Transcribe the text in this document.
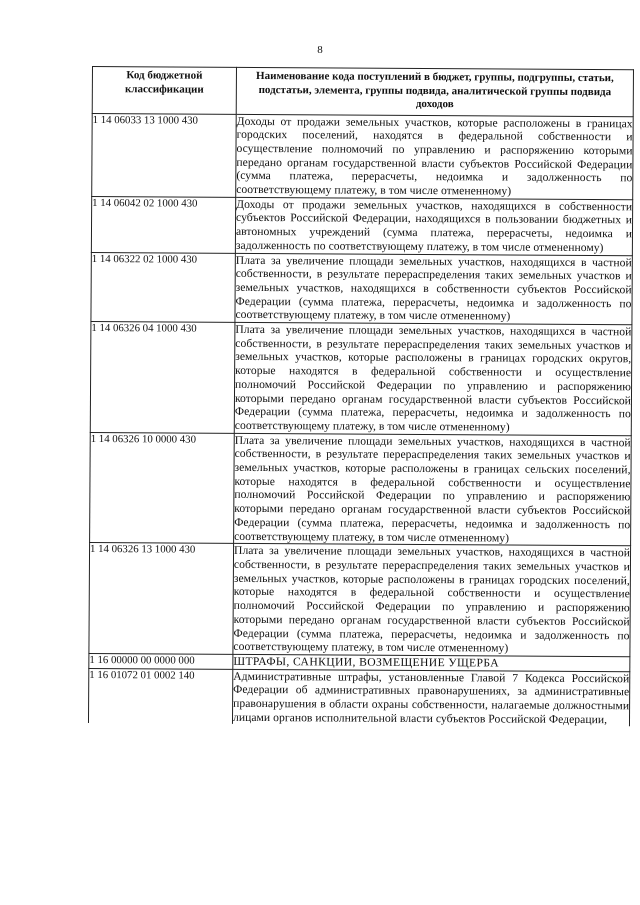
8
Код бюджетной классификации	Наименование кода поступлений в бюджет, группы, подгруппы, статьи, подстатьи, элемента, группы подвида, аналитической группы подвида доходов
1 14 06033 13 1000 430	Доходы от продажи земельных участков, которые расположены в границах городских поселений, находятся в федеральной собственности и осуществление полномочий по управлению и распоряжению которыми передано органам государственной власти субъектов Российской Федерации (сумма платежа, перерасчеты, недоимка и задолженность по соответствующему платежу, в том числе отмененному)
1 14 06042 02 1000 430	Доходы от продажи земельных участков, находящихся в собственности субъектов Российской Федерации, находящихся в пользовании бюджетных и автономных учреждений (сумма платежа, перерасчеты, недоимка и задолженность по соответствующему платежу, в том числе отмененному)
1 14 06322 02 1000 430	Плата за увеличение площади земельных участков, находящихся в частной собственности, в результате перераспределения таких земельных участков и земельных участков, находящихся в собственности субъектов Российской Федерации (сумма платежа, перерасчеты, недоимка и задолженность по соответствующему платежу, в том числе отмененному)
1 14 06326 04 1000 430	Плата за увеличение площади земельных участков, находящихся в частной собственности, в результате перераспределения таких земельных участков и земельных участков, которые расположены в границах городских округов, которые находятся в федеральной собственности и осуществление полномочий Российской Федерации по управлению и распоряжению которыми передано органам государственной власти субъектов Российской Федерации (сумма платежа, перерасчеты, недоимка и задолженность по соответствующему платежу, в том числе отмененному)
1 14 06326 10 0000 430	Плата за увеличение площади земельных участков, находящихся в частной собственности, в результате перераспределения таких земельных участков и земельных участков, которые расположены в границах сельских поселений, которые находятся в федеральной собственности и осуществление полномочий Российской Федерации по управлению и распоряжению которыми передано органам государственной власти субъектов Российской Федерации (сумма платежа, перерасчеты, недоимка и задолженность по соответствующему платежу, в том числе отмененному)
1 14 06326 13 1000 430	Плата за увеличение площади земельных участков, находящихся в частной собственности, в результате перераспределения таких земельных участков и земельных участков, которые расположены в границах городских поселений, которые находятся в федеральной собственности и осуществление полномочий Российской Федерации по управлению и распоряжению которыми передано органам государственной власти субъектов Российской Федерации (сумма платежа, перерасчеты, недоимка и задолженность по соответствующему платежу, в том числе отмененному)
1 16 00000 00 0000 000	ШТРАФЫ, САНКЦИИ, ВОЗМЕЩЕНИЕ УЩЕРБА
1 16 01072 01 0002 140	Административные штрафы, установленные Главой 7 Кодекса Российской Федерации об административных правонарушениях, за административные правонарушения в области охраны собственности, налагаемые должностными лицами органов исполнительной власти субъектов Российской Федерации,
